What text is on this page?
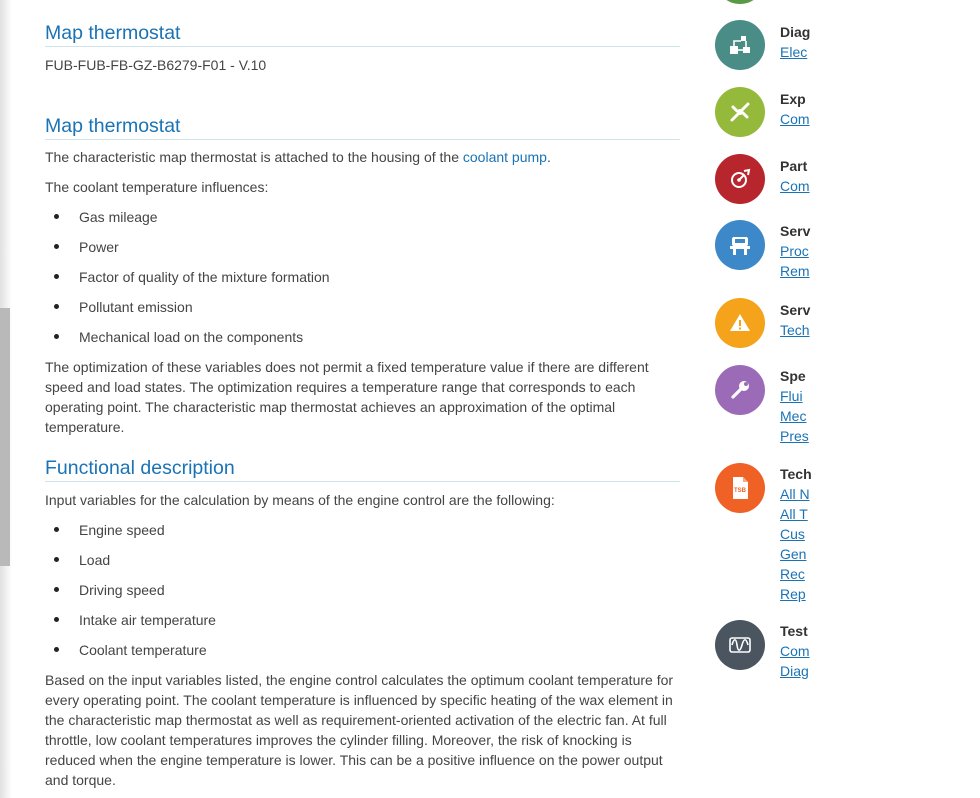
Map thermostat

FUB-FUB-FB-GZ-B6279-F01 - V.10

Map thermostat

The characteristic map thermostat is attached to the housing of the coolant pump.

The coolant temperature influences:

Gas mileage
Power
Factor of quality of the mixture formation
Pollutant emission
Mechanical load on the components

The optimization of these variables does not permit a fixed temperature value if there are different speed and load states. The optimization requires a temperature range that corresponds to each operating point. The characteristic map thermostat achieves an approximation of the optimal temperature.

Functional description

Input variables for the calculation by means of the engine control are the following:

Engine speed
Load
Driving speed
Intake air temperature
Coolant temperature

Based on the input variables listed, the engine control calculates the optimum coolant temperature for every operating point. The coolant temperature is influenced by specific heating of the wax element in the characteristic map thermostat as well as requirement-oriented activation of the electric fan. At full throttle, low coolant temperatures improves the cylinder filling. Moreover, the risk of knocking is reduced when the engine temperature is lower. This can be a positive influence on the power output and torque.

Diag
Elec
Exp
Com
Part
Com
Serv
Proc
Rem
Serv
Tech
Spe
Flui
Mec
Pres
TSB
Tech
All N
All T
Cus
Gen
Rec
Rep
Test
Com
Diag
